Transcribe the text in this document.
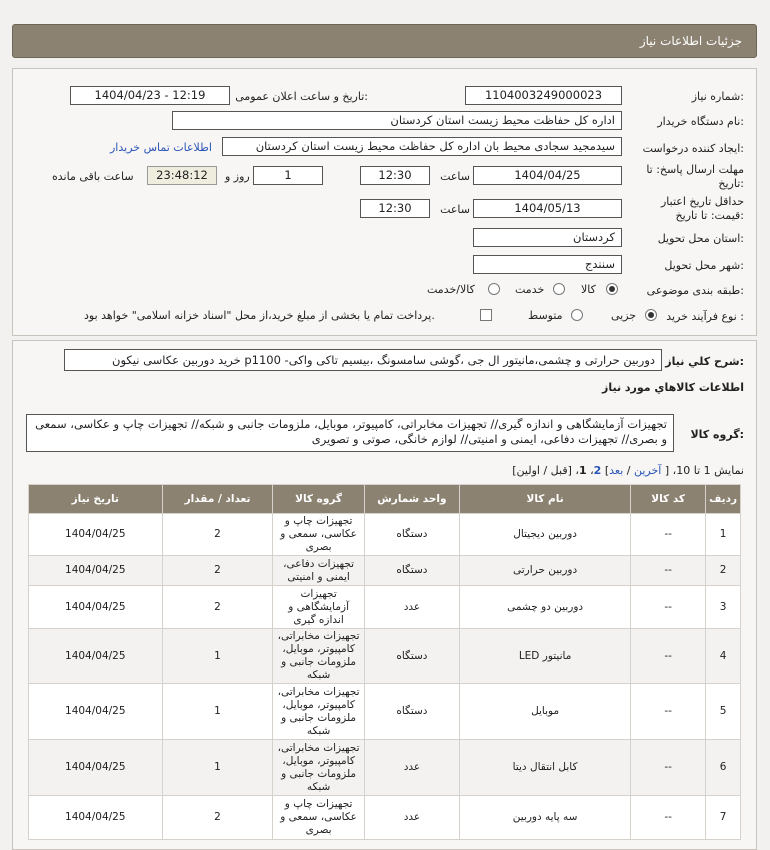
جزئیات اطلاعات نیاز
شماره نیاز:
1104003249000023
تاریخ و ساعت اعلان عمومی:
1404/04/23 - 12:19
نام دستگاه خریدار:
اداره کل حفاظت محیط زیست استان کردستان
ایجاد کننده درخواست:
سیدمجید سجادی محیط بان اداره کل حفاظت محیط زیست استان کردستان
اطلاعات تماس خریدار
مهلت ارسال پاسخ: تا
تاریخ:
1404/04/25
ساعت
12:30
1
روز و
23:48:12
ساعت باقی مانده
حداقل تاریخ اعتبار
قیمت: تا تاریخ:
1404/05/13
ساعت
12:30
استان محل تحویل:
کردستان
شهر محل تحویل:
سنندج
طبقه بندی موضوعی:
کالا
خدمت
کالا/خدمت
نوع فرآیند خرید :
جزیی
متوسط
پرداخت تمام یا بخشی از مبلغ خرید،از محل "اسناد خزانه اسلامی" خواهد بود.
شرح کلي نياز:
خرید دوربین عکاسی نیکون p1100 -دوربین حرارتی و چشمی،مانیتور ال جی ،گوشی سامسونگ ،بیسیم تاکی واکی
اطلاعات کالاهاي مورد نياز
گروه کالا:
تجهیزات آزمایشگاهی و اندازه گیری// تجهیزات مخابراتی، کامپیوتر، موبایل، ملزومات جانبی و شبکه// تجهیزات چاپ و عکاسی، سمعی و بصری// تجهیزات دفاعی، ایمنی و امنیتی// لوازم خانگی، صوتی و تصویری
نمایش 1 تا 10، [ آخرین / بعد] 2، 1، [قبل / اولین]
ردیف	کد کالا	نام کالا	واحد شمارش	گروه کالا	تعداد / مقدار	تاریخ نیاز
1	--	دوربین دیجیتال	دستگاه	تجهیزات چاپ و عکاسی، سمعی و بصری	2	1404/04/25
2	--	دوربین حرارتی	دستگاه	تجهیزات دفاعی، ایمنی و امنیتی	2	1404/04/25
3	--	دوربین دو چشمی	عدد	تجهیزات آزمایشگاهی و اندازه گیری	2	1404/04/25
4	--	مانیتور LED	دستگاه	تجهیزات مخابراتی، کامپیوتر، موبایل، ملزومات جانبی و شبکه	1	1404/04/25
5	--	موبایل	دستگاه	تجهیزات مخابراتی، کامپیوتر، موبایل، ملزومات جانبی و شبکه	1	1404/04/25
6	--	کابل انتقال دیتا	عدد	تجهیزات مخابراتی، کامپیوتر، موبایل، ملزومات جانبی و شبکه	1	1404/04/25
7	--	سه پایه دوربین	عدد	تجهیزات چاپ و عکاسی، سمعی و بصری	2	1404/04/25
